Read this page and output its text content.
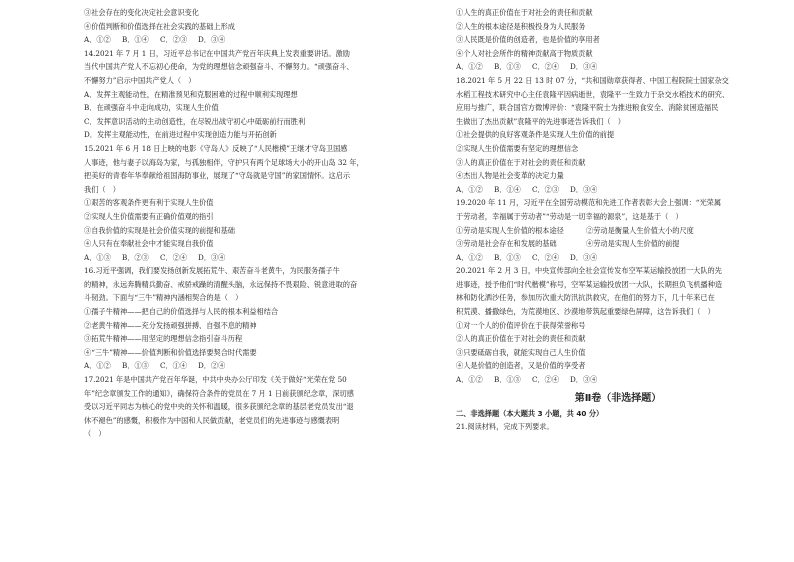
③社会存在的变化决定社会意识变化
④价值判断和价值选择在社会实践的基础上形成
A．①②	B．①④	C．②③	D．③④
14.2021 年 7 月 1 日，习近平总书记在中国共产党百年庆典上发表重要讲话。激励
当代中国共产党人不忘初心使命，为党的理想信念顽强奋斗、不懈努力。“顽强奋斗、
不懈努力”启示中国共产党人（　）
A．发挥主观能动性，在精准预见和克服困难的过程中顺利实现理想
B．在顽强奋斗中走向成功，实现人生价值
C．发挥意识活动的主动创造性，在尽锐出战守初心中砥砺前行而胜利
D．发挥主观能动性，在前进过程中实现创造力能与开拓创新
15.2021 年 6 月 18 日上映的电影《守岛人》反映了“人民楷模”王继才守岛卫国感
人事迹，他与妻子以海岛为家，与孤独相伴，守护只有两个足球场大小的开山岛 32 年，
把美好的青春年华奉献给祖国海防事业，展现了“守岛就是守国”的家国情怀。这启示
我们（　）
①艰苦的客观条件更有利于实现人生价值
②实现人生价值需要有正确价值观的指引
③自我价值的实现是社会价值实现的前提和基础
④人只有在奉献社会中才能实现自我价值
A．①③	B．②③	C．②④	D．③④
16.习近平强调，我们要发扬创新发展拓荒牛、艰苦奋斗老黄牛，为民服务孺子牛
的精神，永远奔腾精兵勤奋、戒骄戒躁的清醒头脑，永远保持不畏艰险、锐意进取的奋
斗韧劲。下面与“三牛”精神内涵相契合的是（　）
①孺子牛精神——把自己的价值选择与人民的根本利益相结合
②老黄牛精神——充分发扬顽强拼搏、自强不息的精神
③拓荒牛精神——用坚定的理想信念指引奋斗历程
④“三牛”精神——价值判断和价值选择要契合时代需要
A．①②	B．①③	C．①④	D．②④
17.2021 年是中国共产党百年华诞，中共中央办公厅印发《关于做好“光荣在党 50
年”纪念章颁发工作的通知》，确保符合条件的党员在 7 月 1 日前获颁纪念章，深切感
受以习近平同志为核心的党中央的关怀和温暖，很多获颁纪念章的基层老党员发出“退
休不褪色”的感慨，积极作为中国和人民做贡献，老党员们的先进事迹与感慨表明
（　）
①人生的真正价值在于对社会的责任和贡献
②人生的根本途径是积极投身为人民服务
③人民既是价值的创造者，也是价值的享用者
④个人对社会所作的精神贡献高于物质贡献
A．①②	B．①③	C．②④	D．③④
18.2021 年 5 月 22 日 13 时 07 分，“共和国勋章获得者、中国工程院院士国家杂交
水稻工程技术研究中心主任袁隆平因病逝世，袁隆平一生致力于杂交水稻技术的研究、
应用与推广，联合国官方微博评价：“袁隆平院士为推进粮食安全、消除贫困造福民
生做出了杰出贡献”袁隆平的先进事迹告诉我们（　）
①社会提供的良好客观条件是实现人生价值的前提
②实现人生价值需要有坚定的理想信念
③人的真正价值在于对社会的责任和贡献
④杰出人物是社会变革的决定力量
A．①②	B．①④	C．②③	D．③④
19.2020 年 11 月，习近平在全国劳动模范和先进工作者表彰大会上强调：“光荣属
于劳动者，幸福属于劳动者”“劳动是一切幸福的源泉”，这是基于（　）
①劳动是实现人生价值的根本途径	②劳动是衡量人生价值大小的尺度
③劳动是社会存在和发展的基础	④劳动是实现人生价值的前提
A．①②	B．①③	C．②④	D．③④
20.2021 年 2 月 3 日，中央宣传部向全社会宣传发布空军某运输投放团一大队的先
进事迹，授予他们“时代楷模”称号，空军某运输投放团一大队，长期担负飞机播种造
林和防化洒沙任务，参加历次重大防汛抗洪救灾，在他们的努力下，几十年来已在
积荒漠、播撒绿色，为荒漠地区、沙漠地带筑起重要绿色屏障，这告诉我们（　）
①对一个人的价值评价在于获得荣誉称号
②人的真正价值在于对社会的责任和贡献
③只要砥砺自我，就能实现自己人生价值
④人是价值的创造者，又是价值的享受者
A．①②	B．①③	C．②④	D．③④
第Ⅱ卷（非选择题）
二、非选择题（本大题共 3 小题，共 40 分）
21.阅读材料，完成下列要求。
